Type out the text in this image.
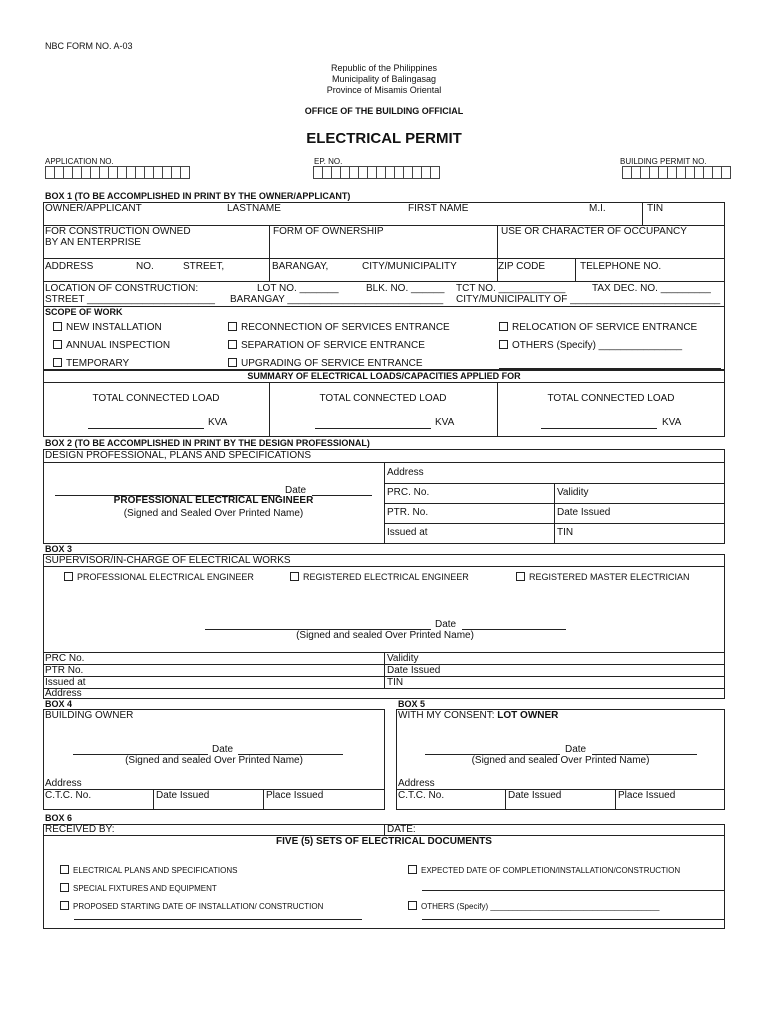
NBC FORM NO. A-03
Republic of the Philippines
Municipality of Balingasag
Province of Misamis Oriental
OFFICE OF THE BUILDING OFFICIAL
ELECTRICAL PERMIT
APPLICATION NO.	EP. NO.	BUILDING PERMIT NO.
BOX 1 (TO BE ACCOMPLISHED IN PRINT BY THE OWNER/APPLICANT)
OWNER/APPLICANT	LASTNAME	FIRST NAME	M.I.	TIN
FOR CONSTRUCTION OWNED
BY AN ENTERPRISE
FORM OF OWNERSHIP	USE OR CHARACTER OF OCCUPANCY
ADDRESS	NO.	STREET,	BARANGAY,	CITY/MUNICIPALITY	ZIP CODE	TELEPHONE NO.
LOCATION OF CONSTRUCTION:	LOT NO. _______	BLK. NO. ______ TCT NO. ____________	TAX DEC. NO. _________
STREET _______________________ BARANGAY ____________________________ CITY/MUNICIPALITY OF ___________________________
SCOPE OF WORK
NEW INSTALLATION	RECONNECTION OF SERVICES ENTRANCE	RELOCATION OF SERVICE ENTRANCE
ANNUAL INSPECTION	SEPARATION OF SERVICE ENTRANCE	OTHERS (Specify) _______________
TEMPORARY	UPGRADING OF SERVICE ENTRANCE
SUMMARY OF ELECTRICAL LOADS/CAPACITIES APPLIED FOR
TOTAL CONNECTED LOAD	TOTAL CONNECTED LOAD	TOTAL CONNECTED LOAD
KVA	KVA	KVA
BOX 2 (TO BE ACCOMPLISHED IN PRINT BY THE DESIGN PROFESSIONAL)
DESIGN PROFESSIONAL, PLANS AND SPECIFICATIONS
Date
PROFESSIONAL ELECTRICAL ENGINEER
(Signed and Sealed Over Printed Name)
Address
PRC. No.	Validity
PTR. No.	Date Issued
Issued at	TIN
BOX 3
SUPERVISOR/IN-CHARGE OF ELECTRICAL WORKS
PROFESSIONAL ELECTRICAL ENGINEER	REGISTERED ELECTRICAL ENGINEER	REGISTERED MASTER ELECTRICIAN
Date
(Signed and sealed Over Printed Name)
PRC No.	Validity
PTR No.	Date Issued
Issued at	TIN
Address
BOX 4
BUILDING OWNER
Date
(Signed and sealed Over Printed Name)
Address
C.T.C. No.	Date Issued	Place Issued
BOX 5
WITH MY CONSENT: LOT OWNER
Date
(Signed and sealed Over Printed Name)
Address
C.T.C. No.	Date Issued	Place Issued
BOX 6
RECEIVED BY:	DATE:
FIVE (5) SETS OF ELECTRICAL DOCUMENTS
ELECTRICAL PLANS AND SPECIFICATIONS
SPECIAL FIXTURES AND EQUIPMENT
PROPOSED STARTING DATE OF INSTALLATION/ CONSTRUCTION
EXPECTED DATE OF COMPLETION/INSTALLATION/CONSTRUCTION
OTHERS (Specify) ______________________________________
